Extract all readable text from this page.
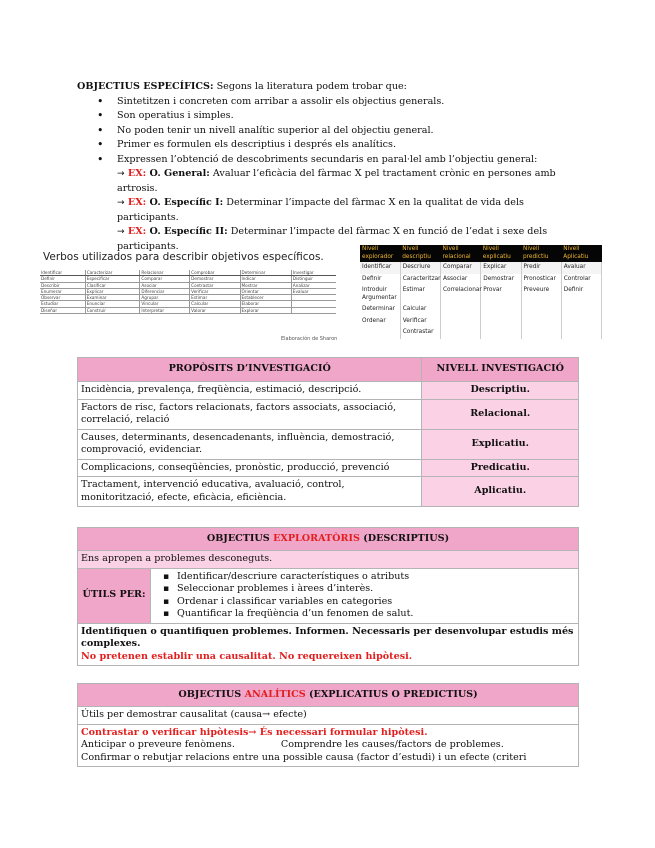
OBJECTIUS ESPECÍFICS: Segons la literatura podem trobar que:
• Sintetitzen i concreten com arribar a assolir els objectius generals.
• Son operatius i simples.
• No poden tenir un nivell analític superior al del objectiu general.
• Primer es formulen els descriptius i després els analítics.
• Expressen l’obtenció de descobriments secundaris en paral·lel amb l’objectiu general:
→ EX: O. General: Avaluar l’eficàcia del fàrmac X pel tractament crònic en persones amb artrosis.
→ EX: O. Específic I: Determinar l’impacte del fàrmac X en la qualitat de vida dels participants.
→ EX: O. Específic II: Determinar l’impacte del fàrmac X en funció de l’edat i sexe dels participants.
Verbos utilizados para describir objetivos específicos.
Identificar	Caracterizar	Relacionar	Comprobar	Determinar	Investigar
Definir	Especificar	Comparar	Demostrar	Indicar	Distinguir
Describir	Clasificar	Asociar	Contrastar	Mostrar	Analizar
Enumerar	Explicar	Diferenciar	Verificar	Orientar	Evaluar
Observar	Examinar	Agrupar	Estimar	Establecer	
Estudiar	Enunciar	Vincular	Calcular	Elaborar	
Diseñar	Construir	Interpretar	Valorar	Explorar	
Elaboración de Sharon
Nivell explorador	Nivell descriptiu	Nivell relacional	Nivell explicatiu	Nivell predictiu	Nivell Aplicatiu
Identificar	Descriure	Comparar	Explicar	Predir	Avaluar
Definir	Caracteritzar	Associar	Demostrar	Pronosticar	Controlar
Introduir Argumentar	Estimar	Correlacionar	Provar	Preveure	Definir
Determinar	Calcular				
Ordenar	Verificar				
	Contrastar				
PROPÒSITS D’INVESTIGACIÓ	NIVELL INVESTIGACIÓ
Incidència, prevalença, freqüència, estimació, descripció.	Descriptiu.
Factors de risc, factors relacionats, factors associats, associació, correlació, relació	Relacional.
Causes, determinants, desencadenants, influència, demostració, comprovació, evidenciar.	Explicatiu.
Complicacions, conseqüències, pronòstic, producció, prevenció	Predicatiu.
Tractament, intervenció educativa, avaluació, control, monitorització, efecte, eficàcia, eficiència.	Aplicatiu.
OBJECTIUS EXPLORATÒRIS (DESCRIPTIUS)
Ens apropen a problemes desconeguts.
ÚTILS PER:	
▪ Identificar/descriure característiques o atributs
▪ Seleccionar problemes i àrees d’interès.
▪ Ordenar i classificar variables en categories
▪ Quantificar la freqüència d’un fenomen de salut.

Identifiquen o quantifiquen problemes. Informen. Necessaris per desenvolupar estudis més complexes.
No pretenen establir una causalitat. No requereixen hipòtesi.
OBJECTIUS ANALÍTICS (EXPLICATIUS O PREDICTIUS)
Útils per demostrar causalitat (causa→ efecte)

Contrastar o verificar hipòtesis→ És necessari formular hipòtesi.
Anticipar o preveure fenòmens.	Comprendre les causes/factors de problemes.
Confirmar o rebutjar relacions entre una possible causa (factor d’estudi) i un efecte (criteri
